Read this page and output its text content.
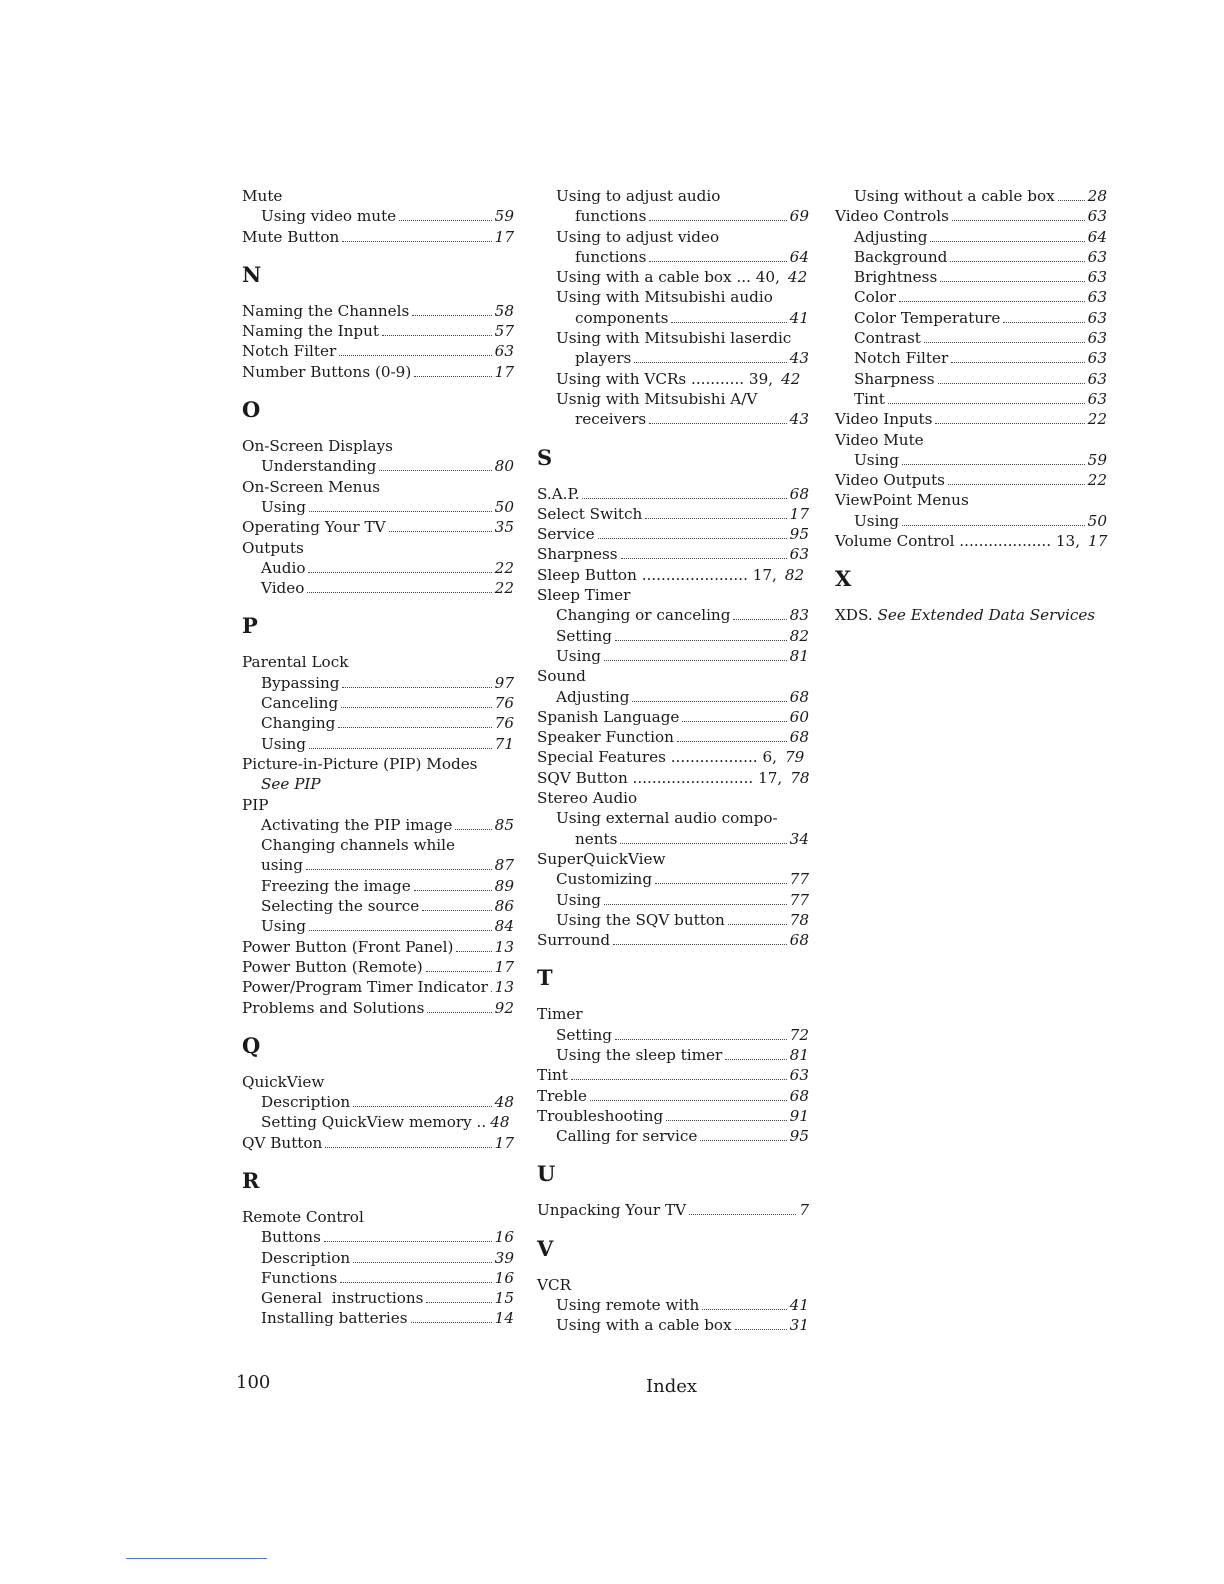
Mute
Using video mute	59
Mute Button	17
N
Naming the Channels	58
Naming the Input	57
Notch Filter	63
Number Buttons (0-9)	17
O
On-Screen Displays
Understanding	80
On-Screen Menus
Using	50
Operating Your TV	35
Outputs
Audio	22
Video	22
P
Parental Lock
Bypassing	97
Canceling	76
Changing	76
Using	71
Picture-in-Picture (PIP) Modes
See PIP
PIP
Activating the PIP image	85
Changing channels while
using	87
Freezing the image	89
Selecting the source	86
Using	84
Power Button (Front Panel)	13
Power Button (Remote)	17
Power/Program Timer Indicator 13
Problems and Solutions	92
Q
QuickView
Description	48
Setting QuickView memory .. 48
QV Button	17
R
Remote Control
Buttons	16
Description	39
Functions	16
General  instructions	15
Installing batteries	14
Using to adjust audio
functions	69
Using to adjust video
functions	64
Using with a cable box ... 40, 42
Using with Mitsubishi audio
components	41
Using with Mitsubishi laserdic
players	43
Using with VCRs ........... 39, 42
Usnig with Mitsubishi A/V
receivers	43
S
S.A.P.	68
Select Switch	17
Service	95
Sharpness	63
Sleep Button ...................... 17, 82
Sleep Timer
Changing or canceling	83
Setting	82
Using	81
Sound
Adjusting	68
Spanish Language	60
Speaker Function	68
Special Features .................. 6, 79
SQV Button ......................... 17, 78
Stereo Audio
Using external audio compo-
nents	34
SuperQuickView
Customizing	77
Using	77
Using the SQV button	78
Surround	68
T
Timer
Setting	72
Using the sleep timer	81
Tint	63
Treble	68
Troubleshooting	91
Calling for service	95
U
Unpacking Your TV	7
V
VCR
Using remote with	41
Using with a cable box	31
Using without a cable box 28
Video Controls	63
Adjusting	64
Background	63
Brightness	63
Color	63
Color Temperature	63
Contrast	63
Notch Filter	63
Sharpness	63
Tint	63
Video Inputs	22
Video Mute
Using	59
Video Outputs	22
ViewPoint Menus
Using	50
Volume Control ................... 13, 17
X
XDS. See Extended Data Services
100	Index
